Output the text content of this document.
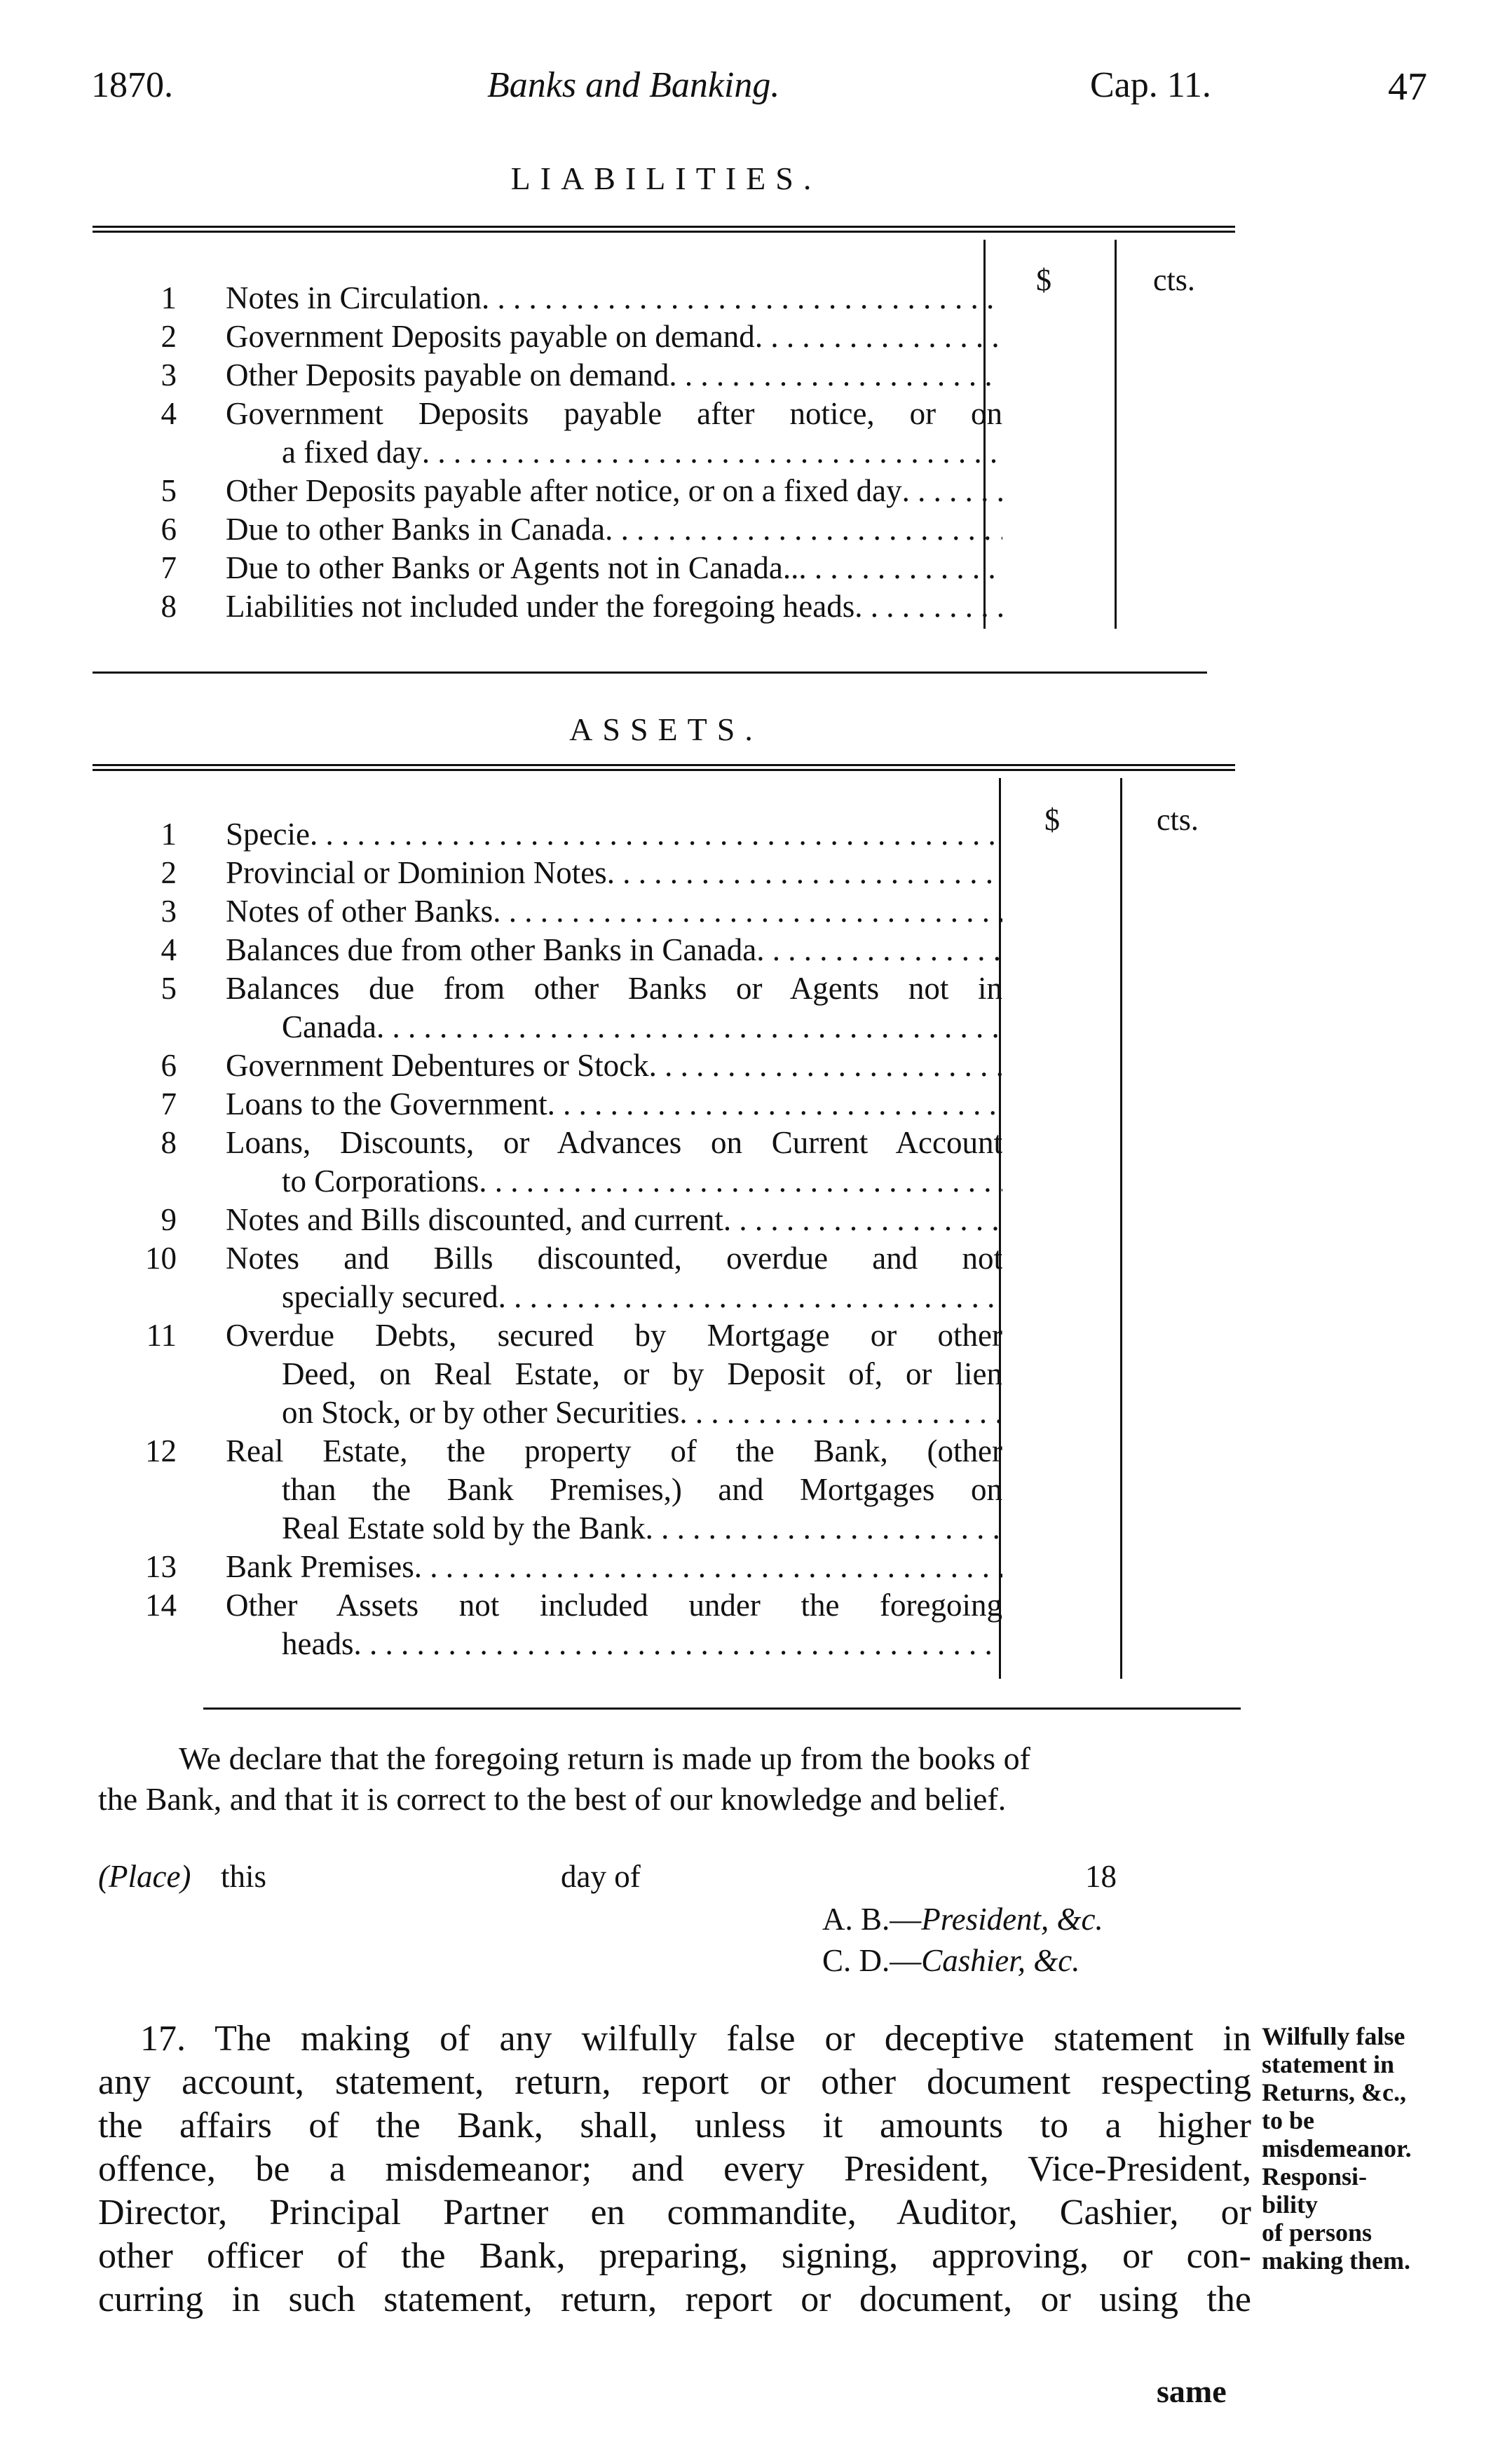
1870.	Banks and Banking.	Cap. 11.	47
LIABILITIES.
$	cts.
1 Notes in Circulation
. . .
2 Government Deposits payable on demand
. . .
3 Other Deposits payable on demand
. . .
4 Government Deposits payable after notice, or on
a fixed day
. . .
5 Other Deposits payable after notice, or on a fixed day
. . .
6 Due to other Banks in Canada
. . .
7 Due to other Banks or Agents not in Canada..
. . .
8 Liabilities not included under the foregoing heads
. . .
ASSETS.
$	cts.
1 Specie
. . .
2 Provincial or Dominion Notes
. . .
3 Notes of other Banks
. . .
4 Balances due from other Banks in Canada
. . .
5 Balances due from other Banks or Agents not in
Canada
. . .
6 Government Debentures or Stock
. . .
7 Loans to the Government
. . .
8 Loans, Discounts, or Advances on Current Account
to Corporations
. . .
9 Notes and Bills discounted, and current
. . .
10 Notes and Bills discounted, overdue and not
specially secured
. . .
11 Overdue Debts, secured by Mortgage or other
Deed, on Real Estate, or by Deposit of, or lien
on Stock, or by other Securities
. . .
12 Real Estate, the property of the Bank, (other
than the Bank Premises,) and Mortgages on
Real Estate sold by the Bank
. . .
13 Bank Premises
. . .
14 Other Assets not included under the foregoing
heads
. . .

We declare that the foregoing return is made up from the books of

the Bank, and that it is correct to the best of our knowledge and belief.

(Place) this	day of	18
A. B.—President, &c.
C. D.—Cashier, &c.
17. The making of any wilfully false or deceptive statement in
any account, statement, return, report or other document respecting
the affairs of the Bank, shall, unless it amounts to a higher
offence, be a misdemeanor; and every President, Vice-President,
Director, Principal Partner en commandite, Auditor, Cashier, or
other officer of the Bank, preparing, signing, approving, or con-
curring in such statement, return, report or document, or using the
Wilfully false
statement in
Returns, &c.,
to be
misdemeanor.
Responsi-
bility
of persons
making them.
same
